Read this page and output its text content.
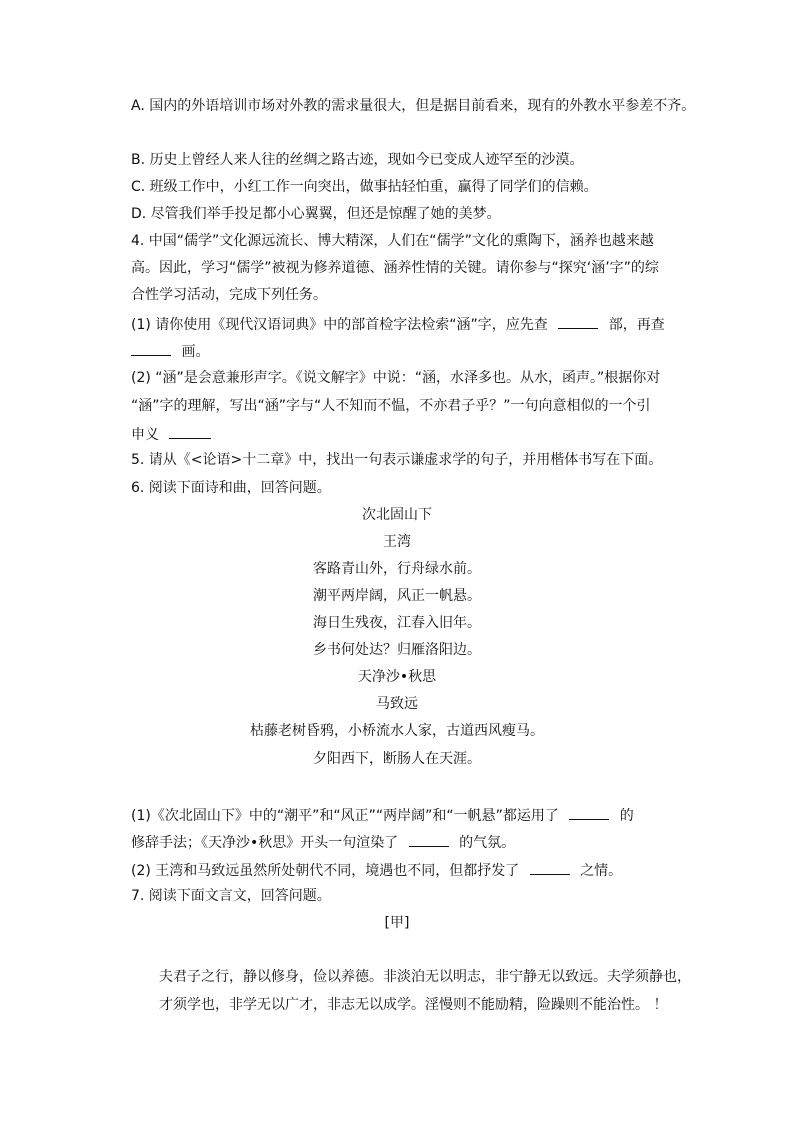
A. 国内的外语培训市场对外教的需求量很大，但是据目前看来，现有的外教水平参差不齐。
B. 历史上曾经人来人往的丝绸之路古迹，现如今已变成人迹罕至的沙漠。
C. 班级工作中，小红工作一向突出，做事拈轻怕重，赢得了同学们的信赖。
D. 尽管我们举手投足都小心翼翼，但还是惊醒了她的美梦。
4. 中国“儒学”文化源远流长、博大精深，人们在“儒学”文化的熏陶下，涵养也越来越
高。因此，学习“儒学”被视为修养道德、涵养性情的关键。请你参与“探究‘涵’字”的综
合性学习活动，完成下列任务。
(1) 请你使用《现代汉语词典》中的部首检字法检索“涵”字，应先查	部，再查
画。
(2) “涵”是会意兼形声字。《说文解字》中说：“涵，水泽多也。从水，函声。”根据你对
“涵”字的理解，写出“涵”字与“人不知而不愠，不亦君子乎？”一句向意相似的一个引
申义
5. 请从《<论语>十二章》中，找出一句表示谦虚求学的句子，并用楷体书写在下面。
6. 阅读下面诗和曲，回答问题。
次北固山下
王湾
客路青山外，行舟绿水前。
潮平两岸阔，风正一帆悬。
海日生残夜，江春入旧年。
乡书何处达？归雁洛阳边。
天净沙•秋思
马致远
枯藤老树昏鸦，小桥流水人家，古道西风瘦马。
夕阳西下，断肠人在天涯。
(1)《次北固山下》中的“潮平”和“风正”“两岸阔”和“一帆悬”都运用了	的
修辞手法；《天净沙•秋思》开头一句渲染了	的气氛。
(2) 王湾和马致远虽然所处朝代不同，境遇也不同，但都抒发了	之情。
7. 阅读下面文言文，回答问题。
[甲]
夫君子之行，静以修身，俭以养德。非淡泊无以明志，非宁静无以致远。夫学须静也，
才须学也，非学无以广才，非志无以成学。淫慢则不能励精，险躁则不能治性。 ！
